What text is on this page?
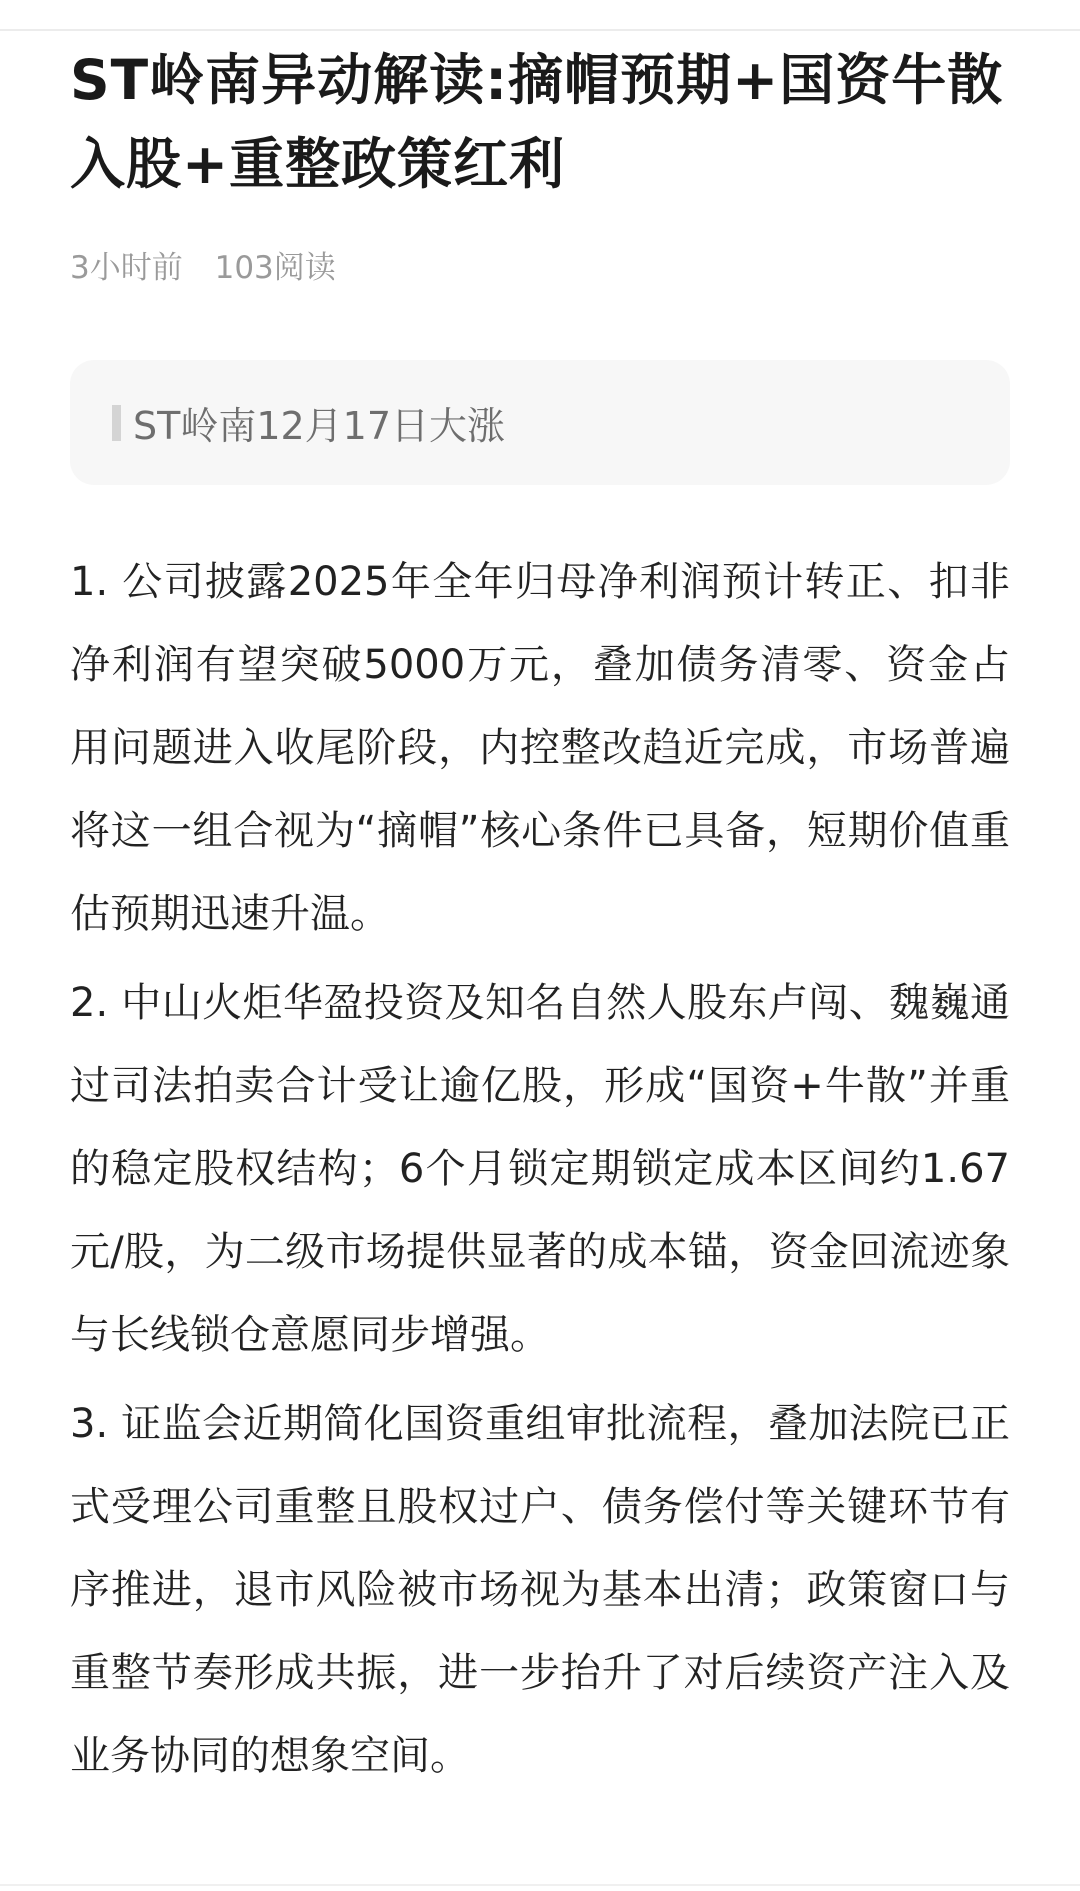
ST岭南异动解读:摘帽预期+国资牛散入股+重整政策红利
3小时前 103阅读
ST岭南12月17日大涨

1. 公司披露2025年全年归母净利润预计转正、扣非净利润有望突破5000万元，叠加债务清零、资金占用问题进入收尾阶段，内控整改趋近完成，市场普遍将这一组合视为“摘帽”核心条件已具备，短期价值重估预期迅速升温。

2. 中山火炬华盈投资及知名自然人股东卢闯、魏巍通过司法拍卖合计受让逾亿股，形成“国资+牛散”并重的稳定股权结构；6个月锁定期锁定成本区间约1.67元/股，为二级市场提供显著的成本锚，资金回流迹象与长线锁仓意愿同步增强。

3. 证监会近期简化国资重组审批流程，叠加法院已正式受理公司重整且股权过户、债务偿付等关键环节有序推进，退市风险被市场视为基本出清；政策窗口与重整节奏形成共振，进一步抬升了对后续资产注入及业务协同的想象空间。
